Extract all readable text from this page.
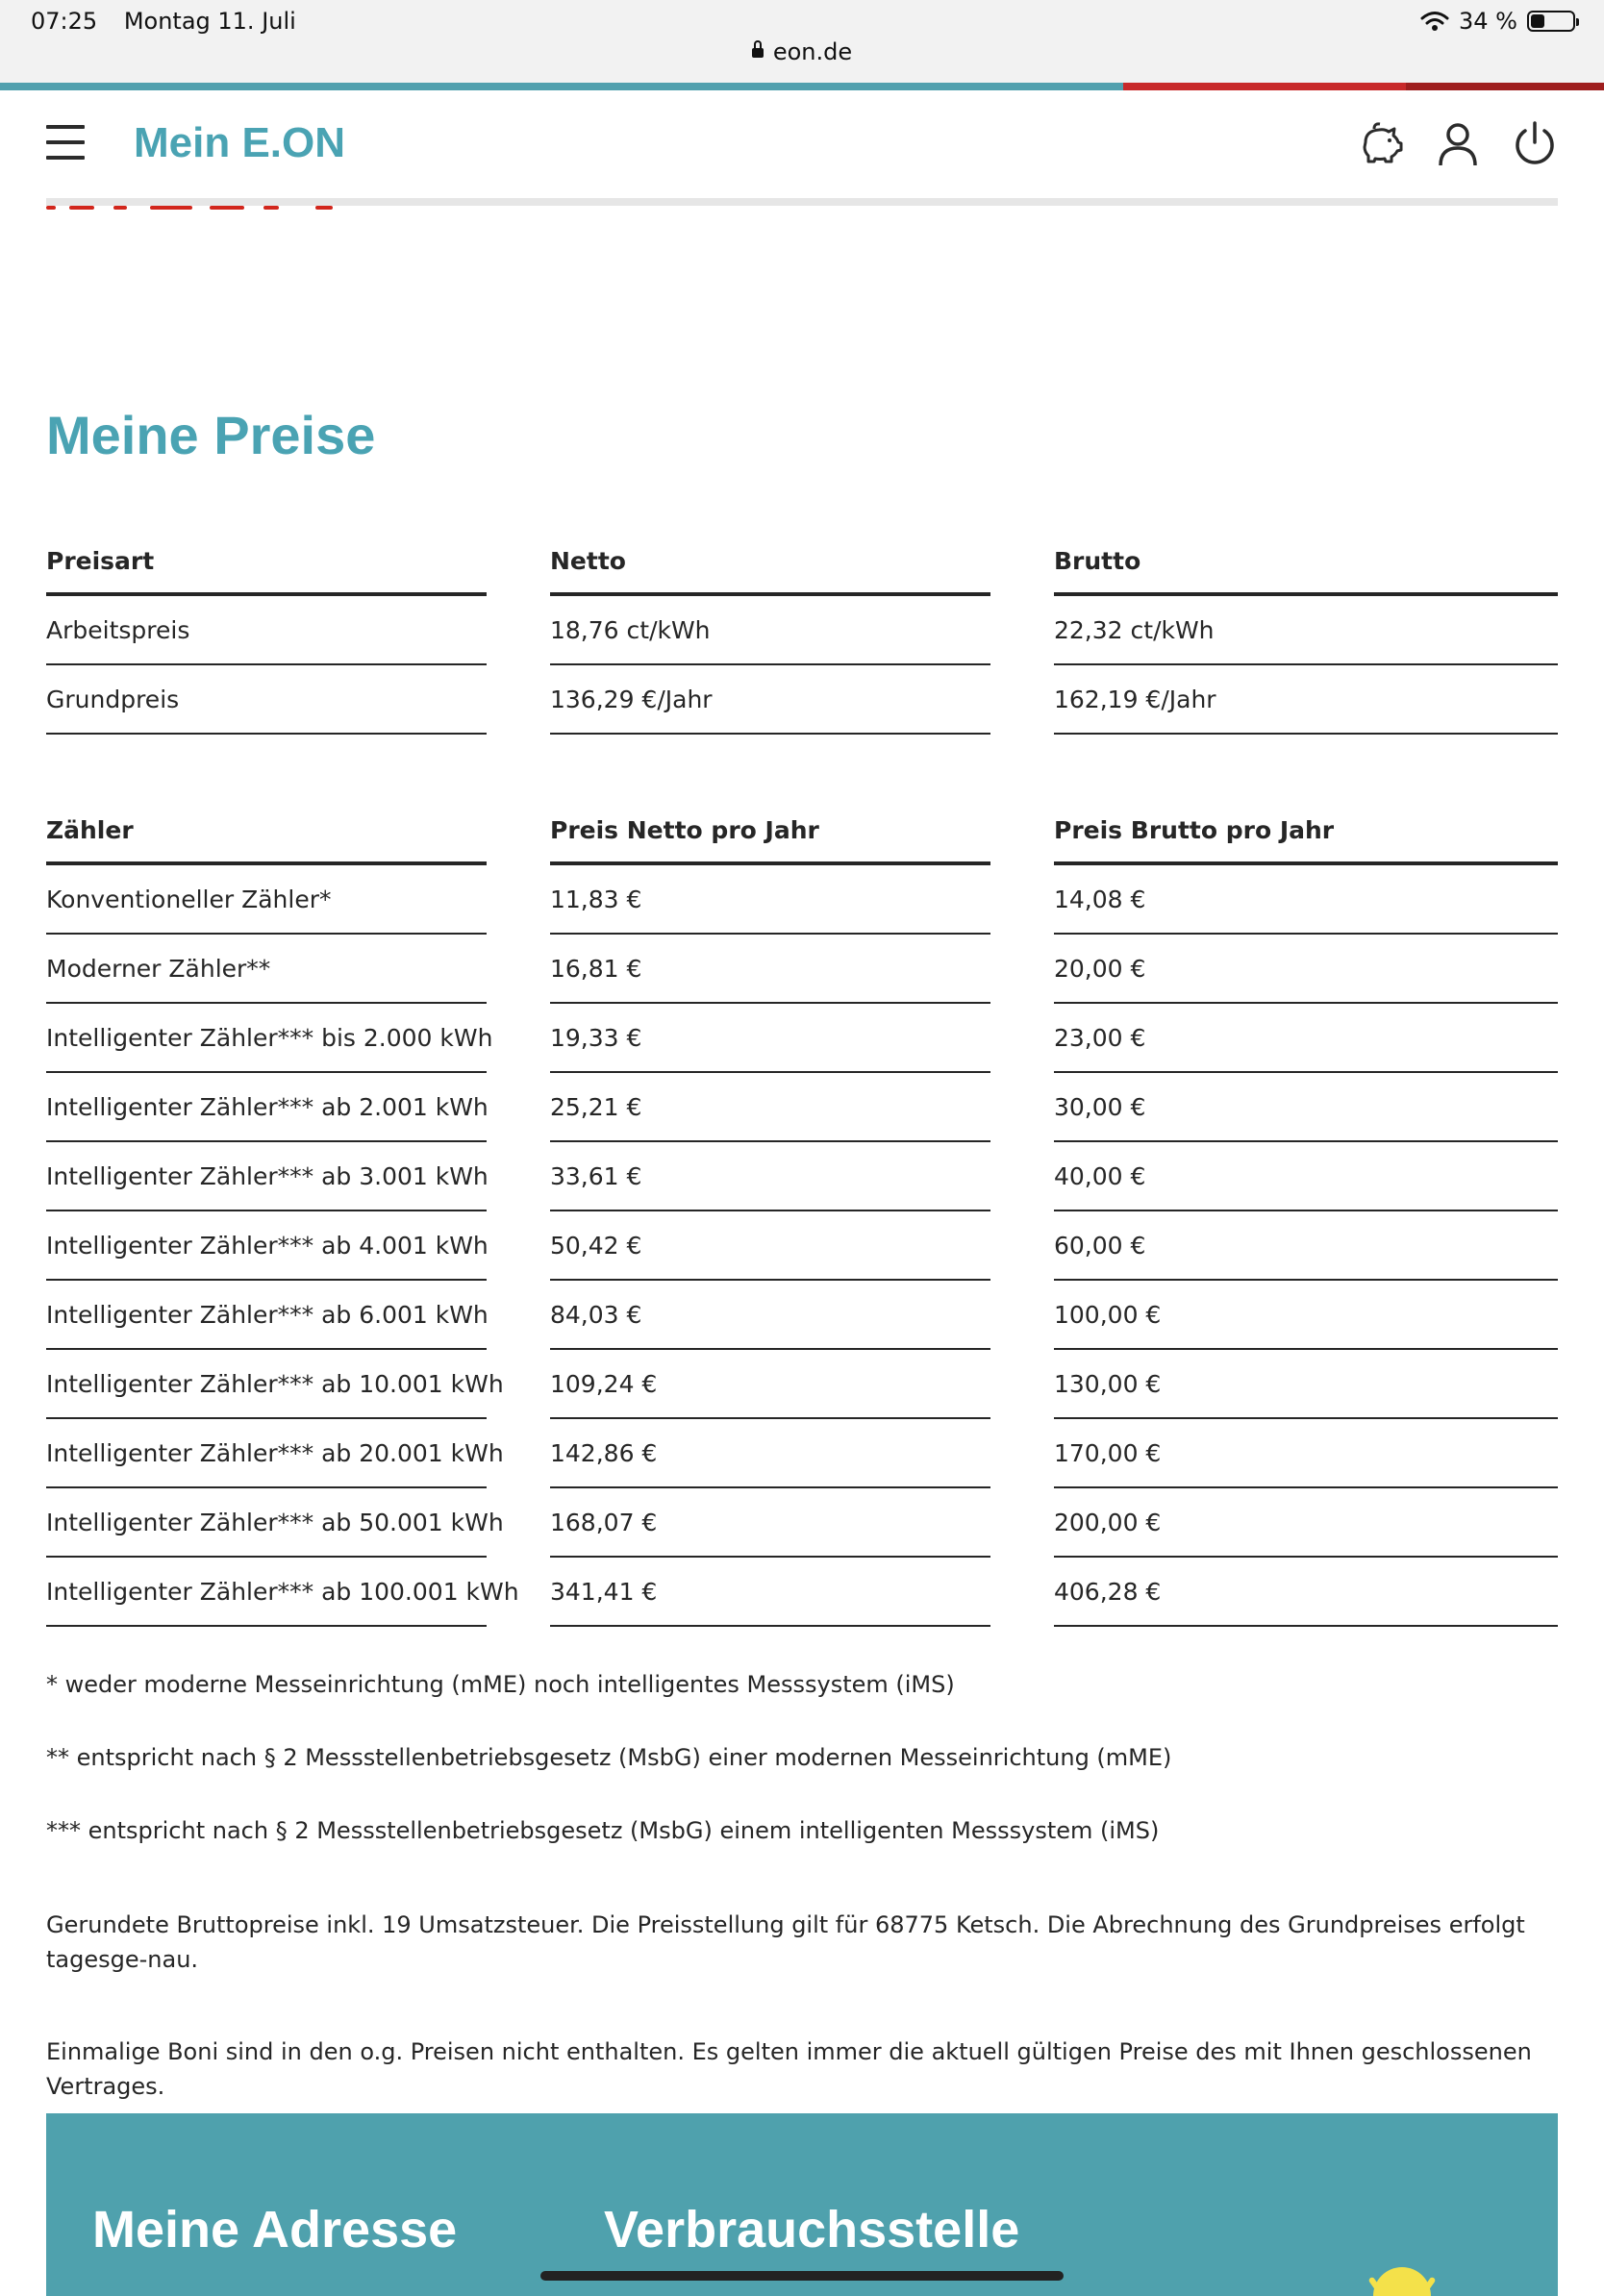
07:25 Montag 11. Juli	34 %
eon.de
Mein E.ON
Meine Preise
Preisart	Netto	Brutto

Arbeitspreis	18,76 ct/kWh	22,32 ct/kWh

Grundpreis	136,29 €/Jahr	162,19 €/Jahr
Zähler	Preis Netto pro Jahr	Preis Brutto pro Jahr

Konventioneller Zähler*	11,83 €	14,08 €

Moderner Zähler**	16,81 €	20,00 €

Intelligenter Zähler*** bis 2.000 kWh	19,33 €	23,00 €

Intelligenter Zähler*** ab 2.001 kWh	25,21 €	30,00 €

Intelligenter Zähler*** ab 3.001 kWh	33,61 €	40,00 €

Intelligenter Zähler*** ab 4.001 kWh	50,42 €	60,00 €

Intelligenter Zähler*** ab 6.001 kWh	84,03 €	100,00 €

Intelligenter Zähler*** ab 10.001 kWh	109,24 €	130,00 €

Intelligenter Zähler*** ab 20.001 kWh	142,86 €	170,00 €

Intelligenter Zähler*** ab 50.001 kWh	168,07 €	200,00 €

Intelligenter Zähler*** ab 100.001 kWh	341,41 €	406,28 €

* weder moderne Messeinrichtung (mME) noch intelligentes Messsystem (iMS)

** entspricht nach § 2 Messstellenbetriebsgesetz (MsbG) einer modernen Messeinrichtung (mME)

*** entspricht nach § 2 Messstellenbetriebsgesetz (MsbG) einem intelligenten Messsystem (iMS)

Gerundete Bruttopreise inkl. 19 Umsatzsteuer. Die Preisstellung gilt für 68775 Ketsch. Die Abrechnung des Grundpreises erfolgt tagesge-nau.

Einmalige Boni sind in den o.g. Preisen nicht enthalten. Es gelten immer die aktuell gültigen Preise des mit Ihnen geschlossenen Vertrages.

Meine Adresse	Verbrauchsstelle
